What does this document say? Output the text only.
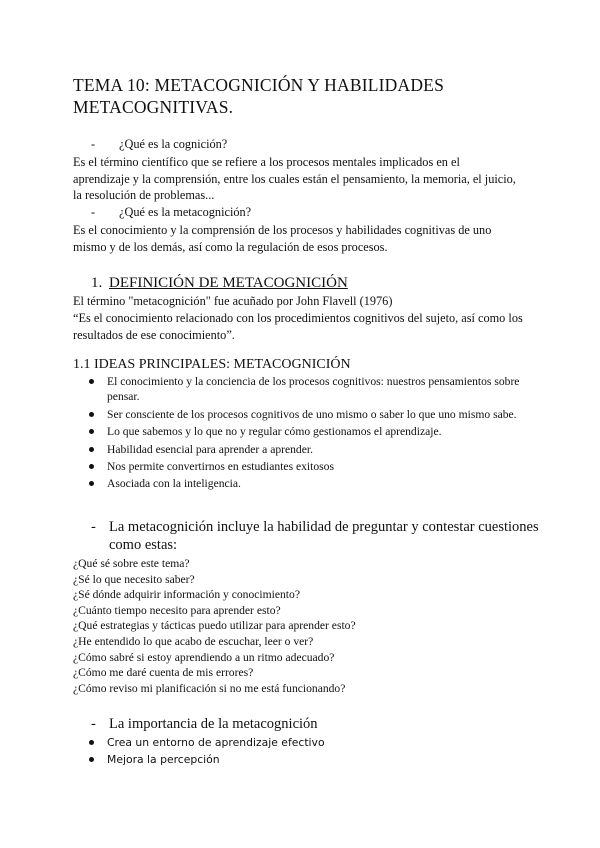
TEMA 10: METACOGNICIÓN Y HABILIDADES
METACOGNITIVAS.
- ¿Qué es la cognición?
Es el término científico que se refiere a los procesos mentales implicados en el aprendizaje y la comprensión, entre los cuales están el pensamiento, la memoria, el juicio, la resolución de problemas...
- ¿Qué es la metacognición?
Es el conocimiento y la comprensión de los procesos y habilidades cognitivas de uno mismo y de los demás, así como la regulación de esos procesos.
1. DEFINICIÓN DE METACOGNICIÓN
El término "metacognición" fue acuñado por John Flavell (1976)
“Es el conocimiento relacionado con los procedimientos cognitivos del sujeto, así como los resultados de ese conocimiento”.
1.1 IDEAS PRINCIPALES: METACOGNICIÓN
El conocimiento y la conciencia de los procesos cognitivos: nuestros pensamientos sobre pensar.
Ser consciente de los procesos cognitivos de uno mismo o saber lo que uno mismo sabe.
Lo que sabemos y lo que no y regular cómo gestionamos el aprendizaje.
Habilidad esencial para aprender a aprender.
Nos permite convertirnos en estudiantes exitosos
Asociada con la inteligencia.
- La metacognición incluye la habilidad de preguntar y contestar cuestiones como estas:
¿Qué sé sobre este tema?
¿Sé lo que necesito saber?
¿Sé dónde adquirir información y conocimiento?
¿Cuánto tiempo necesito para aprender esto?
¿Qué estrategias y tácticas puedo utilizar para aprender esto?
¿He entendido lo que acabo de escuchar, leer o ver?
¿Cómo sabré si estoy aprendiendo a un ritmo adecuado?
¿Cómo me daré cuenta de mis errores?
¿Cómo reviso mi planificación si no me está funcionando?
- La importancia de la metacognición
Crea un entorno de aprendizaje efectivo
Mejora la percepción
